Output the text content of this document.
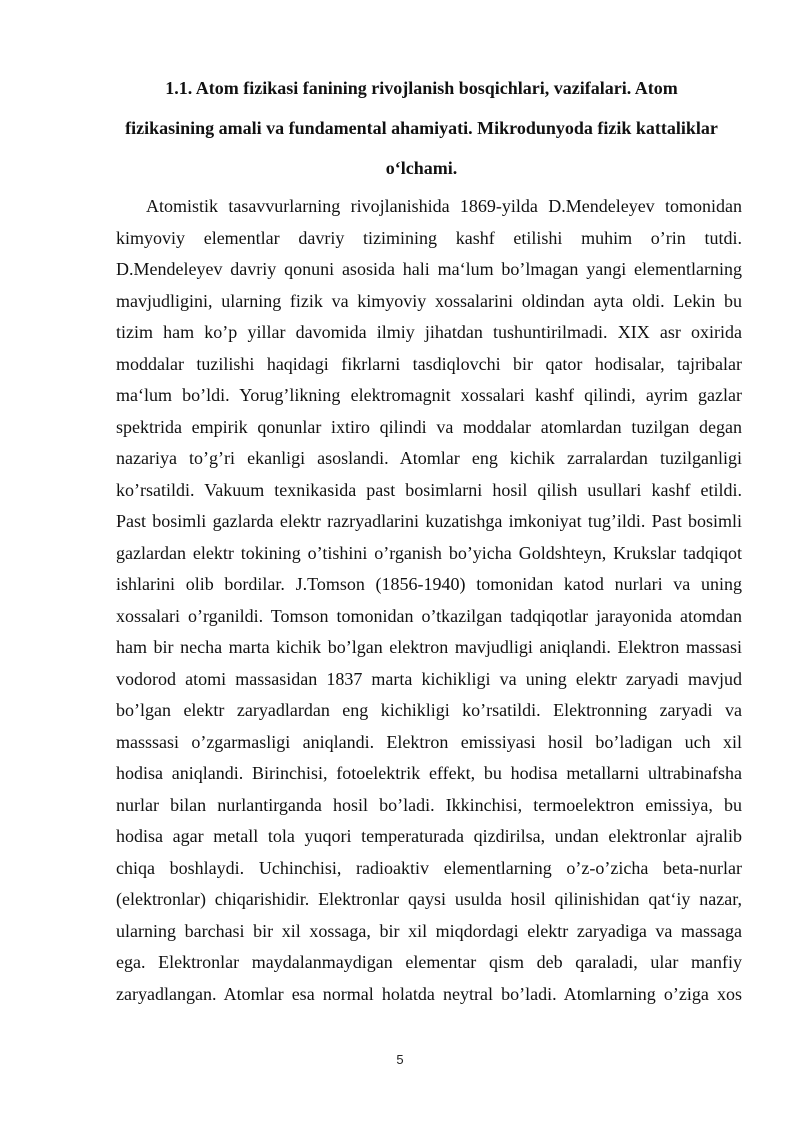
1.1. Atom fizikasi fanining rivojlanish bosqichlari, vazifalari. Atom
fizikasining amali va fundamental ahamiyati. Mikrodunyoda fizik kattaliklar
o‘lchami.
Atomistik tasavvurlarning rivojlanishida 1869-yilda D.Mendeleyev tomonidan
kimyoviy elementlar davriy tizimining kashf etilishi muhim o’rin tutdi.
D.Mendeleyev davriy qonuni asosida hali ma‘lum bo’lmagan yangi elementlarning
mavjudligini, ularning fizik va kimyoviy xossalarini oldindan ayta oldi. Lekin bu
tizim ham ko’p yillar davomida ilmiy jihatdan tushuntirilmadi. XIX asr oxirida
moddalar tuzilishi haqidagi fikrlarni tasdiqlovchi bir qator hodisalar, tajribalar
ma‘lum bo’ldi. Yorug’likning elektromagnit xossalari kashf qilindi, ayrim gazlar
spektrida empirik qonunlar ixtiro qilindi va moddalar atomlardan tuzilgan degan
nazariya to’g’ri ekanligi asoslandi. Atomlar eng kichik zarralardan tuzilganligi
ko’rsatildi. Vakuum texnikasida past bosimlarni hosil qilish usullari kashf etildi.
Past bosimli gazlarda elektr razryadlarini kuzatishga imkoniyat tug’ildi. Past bosimli
gazlardan elektr tokining o’tishini o’rganish bo’yicha Goldshteyn, Krukslar tadqiqot
ishlarini olib bordilar. J.Tomson (1856-1940) tomonidan katod nurlari va uning
xossalari o’rganildi. Tomson tomonidan o’tkazilgan tadqiqotlar jarayonida atomdan
ham bir necha marta kichik bo’lgan elektron mavjudligi aniqlandi. Elektron massasi
vodorod atomi massasidan 1837 marta kichikligi va uning elektr zaryadi mavjud
bo’lgan elektr zaryadlardan eng kichikligi ko’rsatildi. Elektronning zaryadi va
masssasi o’zgarmasligi aniqlandi. Elektron emissiyasi hosil bo’ladigan uch xil
hodisa aniqlandi. Birinchisi, fotoelektrik effekt, bu hodisa metallarni ultrabinafsha
nurlar bilan nurlantirganda hosil bo’ladi. Ikkinchisi, termoelektron emissiya, bu
hodisa agar metall tola yuqori temperaturada qizdirilsa, undan elektronlar ajralib
chiqa boshlaydi. Uchinchisi, radioaktiv elementlarning o’z-o’zicha beta-nurlar
(elektronlar) chiqarishidir. Elektronlar qaysi usulda hosil qilinishidan qat‘iy nazar,
ularning barchasi bir xil xossaga, bir xil miqdordagi elektr zaryadiga va massaga
ega. Elektronlar maydalanmaydigan elementar qism deb qaraladi, ular manfiy
zaryadlangan. Atomlar esa normal holatda neytral bo’ladi. Atomlarning o’ziga xos
5
